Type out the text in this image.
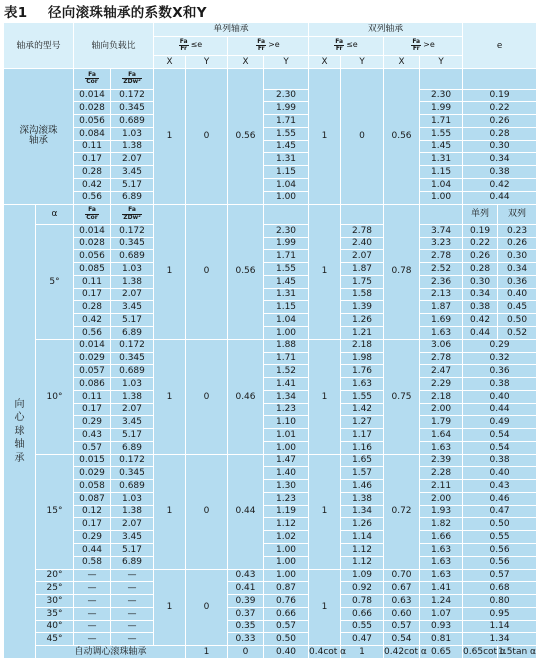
表1 径向滚珠轴承的系数X和Y
轴承的型号		轴向负载比		单列轴承				双列轴承				e	

				$\frac{Fa}{Fr} \le e$		$\frac{Fa}{Fr} >e$		$\frac{Fa}{Fr} \le e$		$\frac{Fa}{Fr} >e$			
				X	Y	X	Y	X	Y	X	Y		

深沟滚珠
轴承		$\frac{Fa}{\text{Cor}}$	$\frac{Fa}{\text{ZDw²}}$	1	0	0.56		1	0	0.56			
		0.014	0.172				2.30				2.30	0.19	
		0.028	0.345				1.99				1.99	0.22	
		0.056	0.689				1.71				1.71	0.26	
		0.084	1.03				1.55				1.55	0.28	
		0.11	1.38				1.45				1.45	0.30	
		0.17	2.07				1.31				1.31	0.34	
		0.28	3.45				1.15				1.15	0.38	
		0.42	5.17				1.04				1.04	0.42	
		0.56	6.89				1.00				1.00	0.44	

向
心
球
轴
承	α	$\frac{Fa}{\text{Cor}}$	$\frac{Fa}{\text{ZDw²}}$	1	0	0.56		1		0.78		单列	双列
	5°	0.014	0.172				2.30		2.78		3.74	0.19	0.23
		0.028	0.345				1.99		2.40		3.23	0.22	0.26
		0.056	0.689				1.71		2.07		2.78	0.26	0.30
		0.085	1.03				1.55		1.87		2.52	0.28	0.34
		0.11	1.38				1.45		1.75		2.36	0.30	0.36
		0.17	2.07				1.31		1.58		2.13	0.34	0.40
		0.28	3.45				1.15		1.39		1.87	0.38	0.45
		0.42	5.17				1.04		1.26		1.69	0.42	0.50
		0.56	6.89				1.00		1.21		1.63	0.44	0.52
	10°	0.014	0.172	1	0	0.46	1.88	1	2.18	0.75	3.06	0.29	
		0.029	0.345				1.71		1.98		2.78	0.32	
		0.057	0.689				1.52		1.76		2.47	0.36	
		0.086	1.03				1.41		1.63		2.29	0.38	
		0.11	1.38				1.34		1.55		2.18	0.40	
		0.17	2.07				1.23		1.42		2.00	0.44	
		0.29	3.45				1.10		1.27		1.79	0.49	
		0.43	5.17				1.01		1.17		1.64	0.54	
		0.57	6.89				1.00		1.16		1.63	0.54	
	15°	0.015	0.172	1	0	0.44	1.47	1	1.65	0.72	2.39	0.38	
		0.029	0.345				1.40		1.57		2.28	0.40	
		0.058	0.689				1.30		1.46		2.11	0.43	
		0.087	1.03				1.23		1.38		2.00	0.46	
		0.12	1.38				1.19		1.34		1.93	0.47	
		0.17	2.07				1.12		1.26		1.82	0.50	
		0.29	3.45				1.02		1.14		1.66	0.55	
		0.44	5.17				1.00		1.12		1.63	0.56	
		0.58	6.89				1.00		1.12		1.63	0.56	
	20°	—	—	1	0	0.43	1.00	1	1.09	0.70	1.63	0.57	
	25°	—	—			0.41	0.87		0.92	0.67	1.41	0.68	
	30°	—	—			0.39	0.76		0.78	0.63	1.24	0.80	
	35°	—	—			0.37	0.66		0.66	0.60	1.07	0.95	
	40°	—	—			0.35	0.57		0.55	0.57	0.93	1.14	
	45°	—	—			0.33	0.50		0.47	0.54	0.81	1.34	
	自动调心滚珠轴承				1	0	0.40	0.4cot α	1	0.42cot α	0.65	0.65cot α	1.5tan α
